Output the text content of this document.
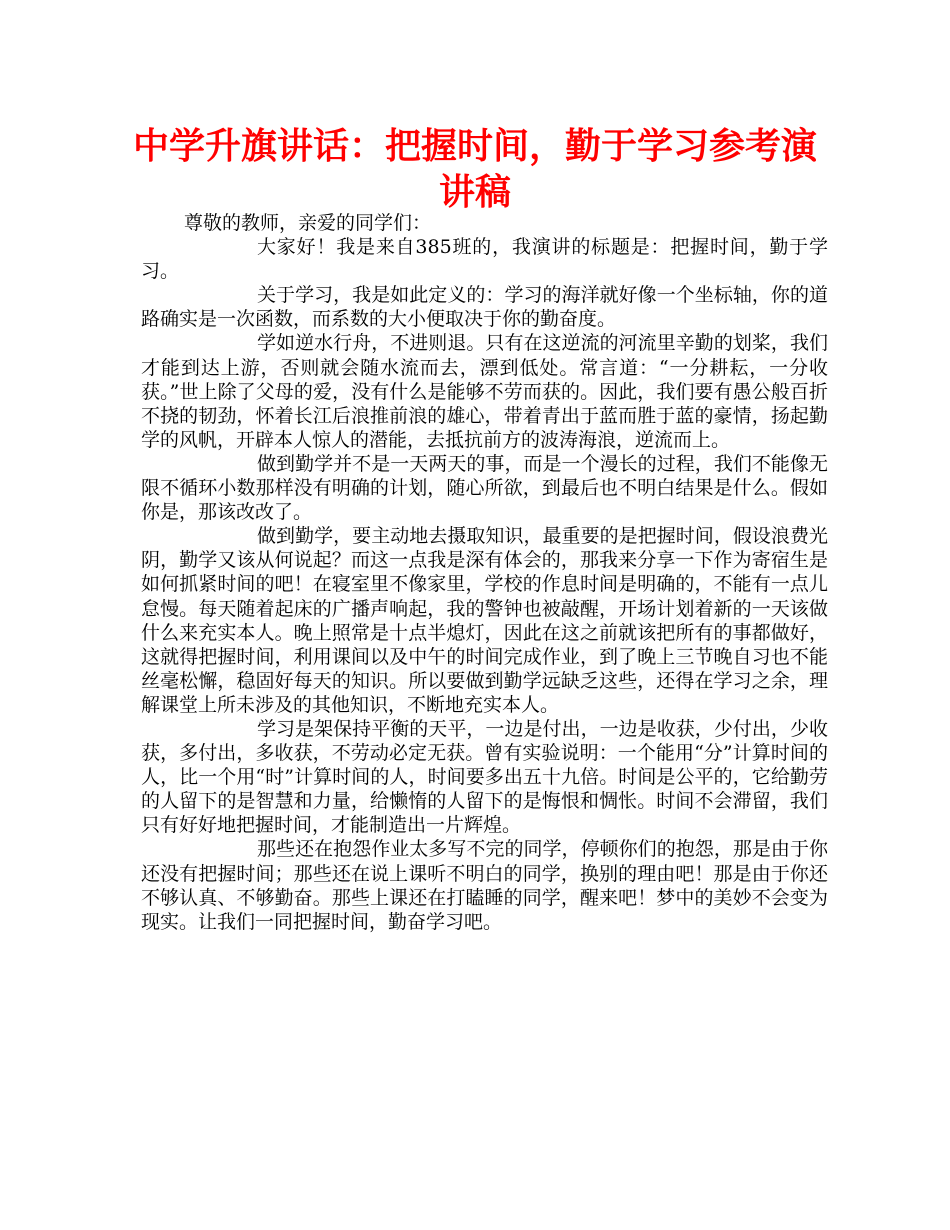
中学升旗讲话：把握时间，勤于学习参考演讲稿

尊敬的教师，亲爱的同学们：

大家好！我是来自385班的，我演讲的标题是：把握时间，勤于学习。

关于学习，我是如此定义的：学习的海洋就好像一个坐标轴，你的道路确实是一次函数，而系数的大小便取决于你的勤奋度。

学如逆水行舟，不进则退。只有在这逆流的河流里辛勤的划桨，我们才能到达上游，否则就会随水流而去，漂到低处。常言道：“一分耕耘，一分收获。”世上除了父母的爱，没有什么是能够不劳而获的。因此，我们要有愚公般百折不挠的韧劲，怀着长江后浪推前浪的雄心，带着青出于蓝而胜于蓝的豪情，扬起勤学的风帆，开辟本人惊人的潜能，去抵抗前方的波涛海浪，逆流而上。

做到勤学并不是一天两天的事，而是一个漫长的过程，我们不能像无限不循环小数那样没有明确的计划，随心所欲，到最后也不明白结果是什么。假如你是，那该改改了。

做到勤学，要主动地去摄取知识，最重要的是把握时间，假设浪费光阴，勤学又该从何说起？而这一点我是深有体会的，那我来分享一下作为寄宿生是如何抓紧时间的吧！在寝室里不像家里，学校的作息时间是明确的，不能有一点儿怠慢。每天随着起床的广播声响起，我的警钟也被敲醒，开场计划着新的一天该做什么来充实本人。晚上照常是十点半熄灯，因此在这之前就该把所有的事都做好，这就得把握时间，利用课间以及中午的时间完成作业，到了晚上三节晚自习也不能丝毫松懈，稳固好每天的知识。所以要做到勤学远缺乏这些，还得在学习之余，理解课堂上所未涉及的其他知识，不断地充实本人。

学习是架保持平衡的天平，一边是付出，一边是收获，少付出，少收获，多付出，多收获，不劳动必定无获。曾有实验说明：一个能用“分”计算时间的人，比一个用“时”计算时间的人，时间要多出五十九倍。时间是公平的，它给勤劳的人留下的是智慧和力量，给懒惰的人留下的是悔恨和惆怅。时间不会滞留，我们只有好好地把握时间，才能制造出一片辉煌。

那些还在抱怨作业太多写不完的同学，停顿你们的抱怨，那是由于你还没有把握时间；那些还在说上课听不明白的同学，换别的理由吧！那是由于你还不够认真、不够勤奋。那些上课还在打瞌睡的同学，醒来吧！梦中的美妙不会变为现实。让我们一同把握时间，勤奋学习吧。
